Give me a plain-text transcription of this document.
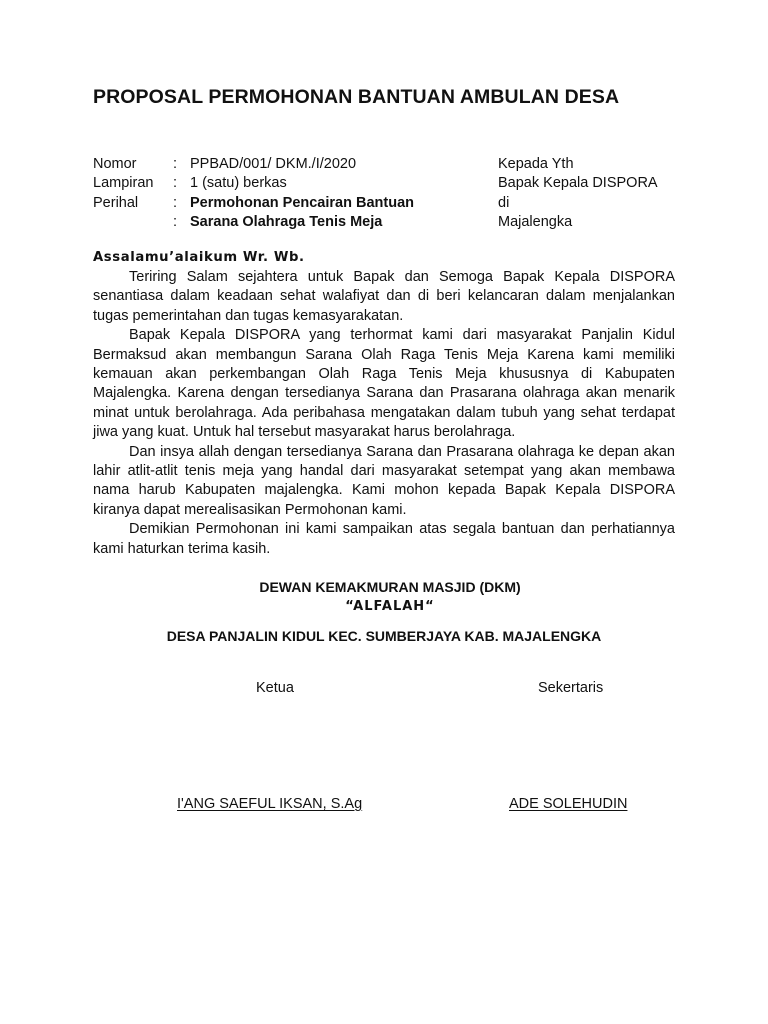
PROPOSAL PERMOHONAN BANTUAN AMBULAN DESA
Nomor	: PPBAD/001/ DKM./I/2020
Lampiran : 1 (satu) berkas
Perihal : Permohonan Pencairan Bantuan
: Sarana Olahraga Tenis Meja
Kepada Yth
Bapak Kepala DISPORA
di
Majalengka
Assalamu’alaikum Wr. Wb.

Teriring Salam sejahtera untuk Bapak dan Semoga Bapak Kepala DISPORA senantiasa dalam keadaan sehat walafiyat dan di beri kelancaran dalam menjalankan tugas pemerintahan dan tugas kemasyarakatan.

Bapak Kepala DISPORA yang terhormat kami dari masyarakat Panjalin Kidul Bermaksud akan membangun Sarana Olah Raga Tenis Meja Karena kami memiliki kemauan akan perkembangan Olah Raga Tenis Meja khususnya di Kabupaten Majalengka. Karena dengan tersedianya Sarana dan Prasarana olahraga akan menarik minat untuk berolahraga. Ada peribahasa mengatakan dalam tubuh yang sehat terdapat jiwa yang kuat. Untuk hal tersebut masyarakat harus berolahraga.

Dan insya allah dengan tersedianya Sarana dan Prasarana olahraga ke depan akan lahir atlit-atlit tenis meja yang handal dari masyarakat setempat yang akan membawa nama harub Kabupaten majalengka. Kami mohon kepada Bapak Kepala DISPORA kiranya dapat merealisasikan Permohonan kami.

Demikian Permohonan ini kami sampaikan atas segala bantuan dan perhatiannya kami haturkan terima kasih.

DEWAN KEMAKMURAN MASJID (DKM)
“ALFALAH“
DESA PANJALIN KIDUL KEC. SUMBERJAYA KAB. MAJALENGKA
Ketua	Sekertaris
I'ANG SAEFUL IKSAN, S.Ag	ADE SOLEHUDIN
